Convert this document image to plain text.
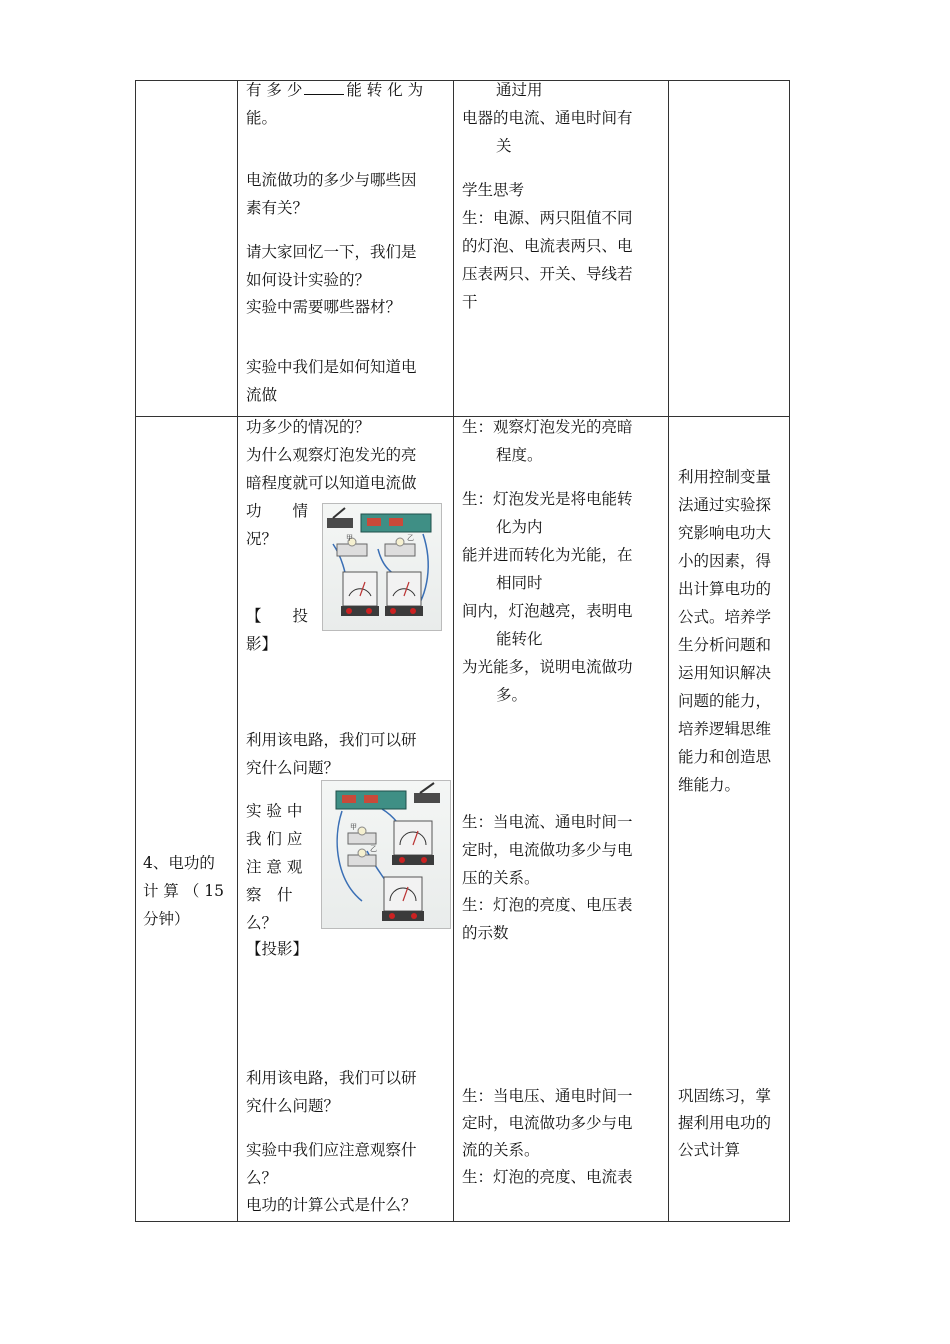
有 多 少	能 转 化 为
能。
电流做功的多少与哪些因
素有关？
请大家回忆一下，我们是
如何设计实验的？
实验中需要哪些器材？
实验中我们是如何知道电
流做
通过用
电器的电流、通电时间有
关
学生思考
生：电源、两只阻值不同
的灯泡、电流表两只、电
压表两只、开关、导线若
干
4、电功的
计 算 （ 15
分钟）
功多少的情况的？
为什么观察灯泡发光的亮
暗程度就可以知道电流做
功　　情
况？
【　　投
影】
利用该电路，我们可以研
究什么问题？
实 验 中
我 们 应
注 意 观
察　什
么？
【投影】
利用该电路，我们可以研
究什么问题？
实验中我们应注意观察什
么？
电功的计算公式是什么？
甲	乙
甲
乙
生：观察灯泡发光的亮暗
程度。
生：灯泡发光是将电能转
化为内
能并进而转化为光能，在
相同时
间内，灯泡越亮，表明电
能转化
为光能多，说明电流做功
多。
生：当电流、通电时间一
定时，电流做功多少与电
压的关系。
生：灯泡的亮度、电压表
的示数
生：当电压、通电时间一
定时，电流做功多少与电
流的关系。
生：灯泡的亮度、电流表
利用控制变量
法通过实验探
究影响电功大
小的因素，得
出计算电功的
公式。培养学
生分析问题和
运用知识解决
问题的能力，
培养逻辑思维
能力和创造思
维能力。
巩固练习，掌
握利用电功的
公式计算
